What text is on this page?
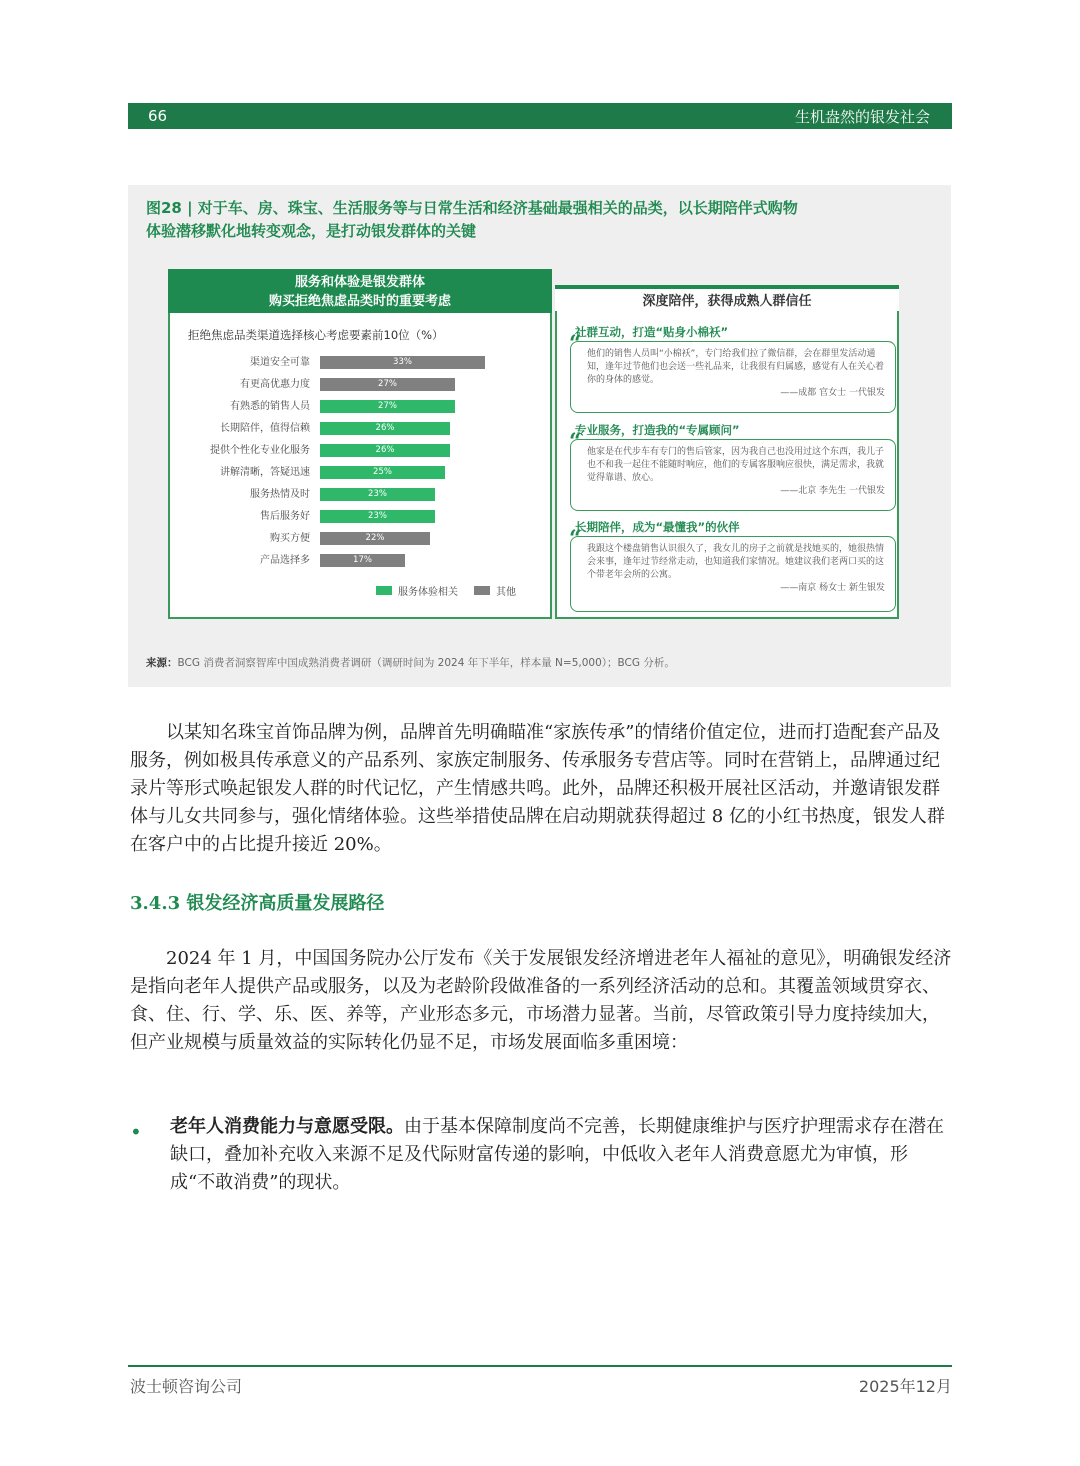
66	生机盎然的银发社会
图28 | 对于车、房、珠宝、生活服务等与日常生活和经济基础最强相关的品类，以长期陪伴式购物
体验潜移默化地转变观念，是打动银发群体的关键
服务和体验是银发群体
购买拒绝焦虑品类时的重要考虑
拒绝焦虑品类渠道选择核心考虑要素前10位（%）
渠道安全可靠	33%
有更高优惠力度	27%
有熟悉的销售人员	27%
长期陪伴，值得信赖	26%
提供个性化专业化服务	26%
讲解清晰，答疑迅速	25%
服务热情及时	23%
售后服务好	23%
购买方便	22%
产品选择多	17%
服务体验相关	其他
深度陪伴，获得成熟人群信任
社群互动，打造“贴身小棉袄”
“ 他们的销售人员叫“小棉袄”，专门给我们拉了微信群，会在群里发活动通知，逢年过节他们也会送一些礼品来，让我很有归属感，感觉有人在关心着你的身体的感觉。
——成都 官女士 一代银发
专业服务，打造我的“专属顾问”
“ 他家是在代步车有专门的售后管家，因为我自己也没用过这个东西，我儿子也不和我一起住不能随时响应，他们的专属客服响应很快，满足需求，我就觉得靠谱、放心。
——北京 李先生 一代银发
长期陪伴，成为“最懂我”的伙伴
“ 我跟这个楼盘销售认识很久了，我女儿的房子之前就是找她买的，她很热情会来事，逢年过节经常走动，也知道我们家情况。她建议我们老两口买的这个带老年会所的公寓。
——南京 杨女士 新生银发
来源：BCG 消费者洞察智库中国成熟消费者调研（调研时间为 2024 年下半年，样本量 N=5,000）；BCG 分析。
以某知名珠宝首饰品牌为例，品牌首先明确瞄准“家族传承”的情绪价值定位，进而打造配套产品及服务，例如极具传承意义的产品系列、家族定制服务、传承服务专营店等。同时在营销上，品牌通过纪录片等形式唤起银发人群的时代记忆，产生情感共鸣。此外，品牌还积极开展社区活动，并邀请银发群体与儿女共同参与，强化情绪体验。这些举措使品牌在启动期就获得超过 8 亿的小红书热度，银发人群在客户中的占比提升接近 20%。
3.4.3 银发经济高质量发展路径
2024 年 1 月，中国国务院办公厅发布《关于发展银发经济增进老年人福祉的意见》，明确银发经济是指向老年人提供产品或服务，以及为老龄阶段做准备的一系列经济活动的总和。其覆盖领域贯穿衣、食、住、行、学、乐、医、养等，产业形态多元，市场潜力显著。当前，尽管政策引导力度持续加大，但产业规模与质量效益的实际转化仍显不足，市场发展面临多重困境：
• 老年人消费能力与意愿受限。由于基本保障制度尚不完善，长期健康维护与医疗护理需求存在潜在缺口，叠加补充收入来源不足及代际财富传递的影响，中低收入老年人消费意愿尤为审慎，形成“不敢消费”的现状。
波士顿咨询公司	2025年12月
